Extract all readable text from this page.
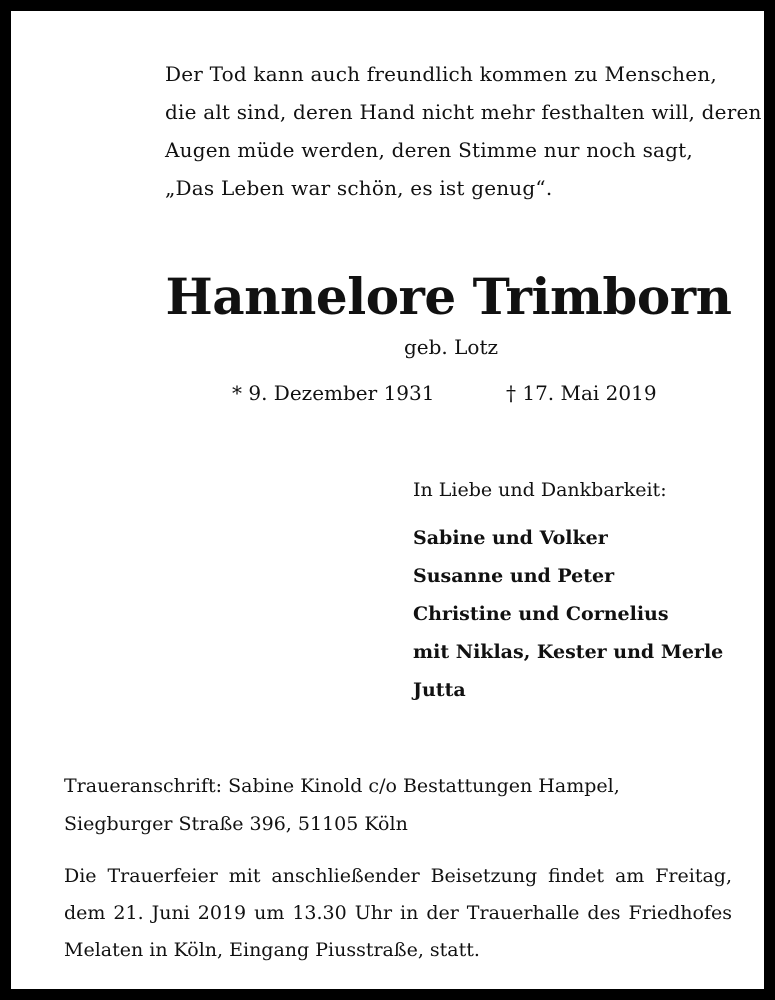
Der Tod kann auch freundlich kommen zu Menschen,
die alt sind, deren Hand nicht mehr festhalten will, deren
Augen müde werden, deren Stimme nur noch sagt,
„Das Leben war schön, es ist genug“.
Hannelore Trimborn
geb. Lotz
* 9. Dezember 1931	† 17. Mai 2019
In Liebe und Dankbarkeit:
Sabine und Volker
Susanne und Peter
Christine und Cornelius
mit Niklas, Kester und Merle
Jutta
Traueranschrift: Sabine Kinold c/o Bestattungen Hampel,
Siegburger Straße 396, 51105 Köln
Die Trauerfeier mit anschließender Beisetzung findet am Freitag,
dem 21. Juni 2019 um 13.30 Uhr in der Trauerhalle des Friedhofes
Melaten in Köln, Eingang Piusstraße, statt.
